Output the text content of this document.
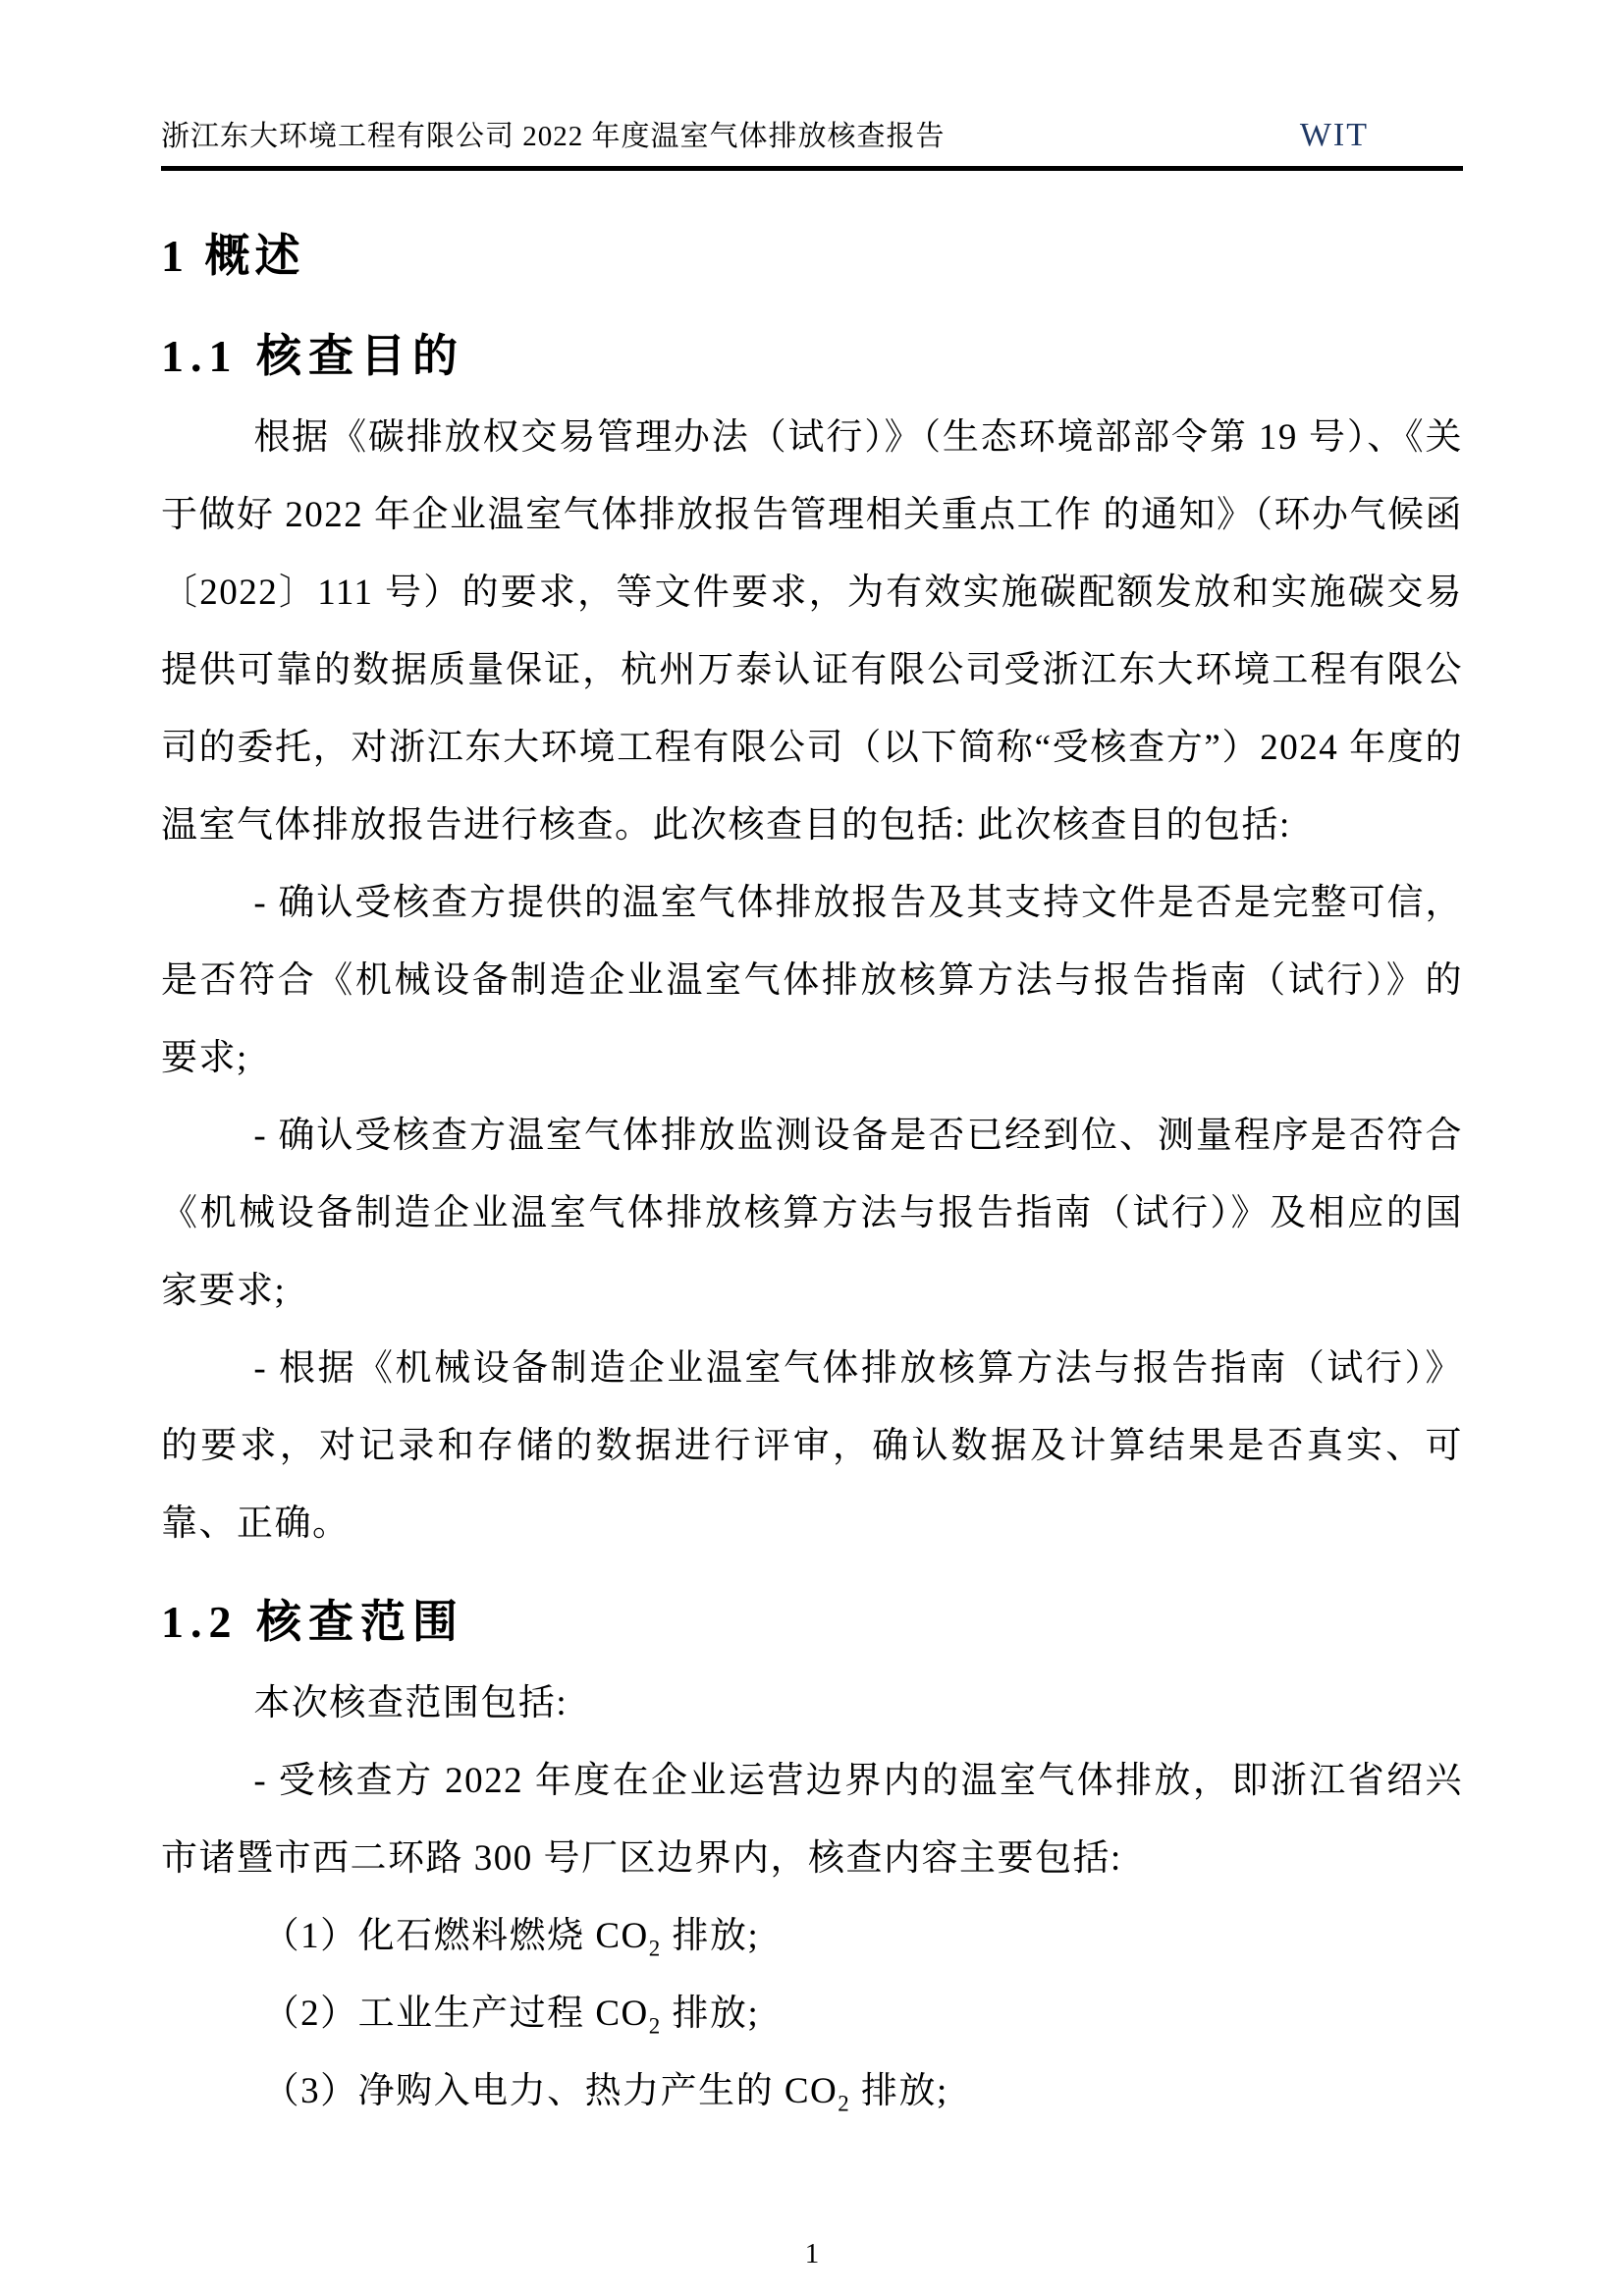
浙江东大环境工程有限公司 2022 年度温室气体排放核查报告	WIT
1 概述
1.1 核查目的

根据《碳排放权交易管理办法（试行）》（生态环境部部令第 19 号）、《关于做好 2022 年企业温室气体排放报告管理相关重点工作 的通知》（环办气候函〔2022〕111 号）的要求，等文件要求，为有效实施碳配额发放和实施碳交易提供可靠的数据质量保证，杭州万泰认证有限公司受浙江东大环境工程有限公司的委托，对浙江东大环境工程有限公司（以下简称“受核查方”）2024 年度的温室气体排放报告进行核查。此次核查目的包括: 此次核查目的包括:

- 确认受核查方提供的温室气体排放报告及其支持文件是否是完整可信，是否符合《机械设备制造企业温室气体排放核算方法与报告指南（试行）》的要求;

- 确认受核查方温室气体排放监测设备是否已经到位、测量程序是否符合《机械设备制造企业温室气体排放核算方法与报告指南（试行）》及相应的国家要求;

- 根据《机械设备制造企业温室气体排放核算方法与报告指南（试行）》的要求，对记录和存储的数据进行评审，确认数据及计算结果是否真实、可靠、正确。

1.2 核查范围

本次核查范围包括:

- 受核查方 2022 年度在企业运营边界内的温室气体排放，即浙江省绍兴市诸暨市西二环路 300 号厂区边界内，核查内容主要包括:

（1）化石燃料燃烧 $CO_2$ 排放;

（2）工业生产过程 $CO_2$ 排放;

（3）净购入电力、热力产生的 $CO_2$ 排放;

1
